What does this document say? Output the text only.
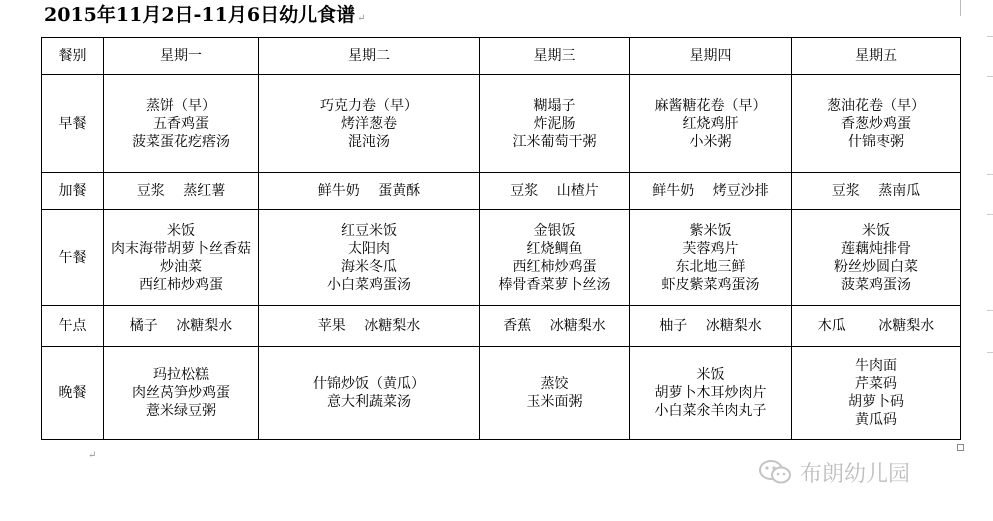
2015年11月2日-11月6日幼儿食谱 ↵
餐别	星期一	星期二	星期三	星期四	星期五
早餐	蒸饼（早）
五香鸡蛋
菠菜蛋花疙瘩汤	巧克力卷（早）
烤洋葱卷
混沌汤	糊塌子
炸泥肠
江米葡萄干粥	麻酱糖花卷（早）
红烧鸡肝
小米粥	葱油花卷（早）
香葱炒鸡蛋
什锦枣粥

加餐	豆浆　 蒸红薯	鲜牛奶　 蛋黄酥	豆浆　 山楂片	鲜牛奶　 烤豆沙排	豆浆　 蒸南瓜

午餐	米饭
肉末海带胡萝卜丝香菇
炒油菜
西红柿炒鸡蛋	红豆米饭
太阳肉
海米冬瓜
小白菜鸡蛋汤	金银饭
红烧鲷鱼
西红柿炒鸡蛋
棒骨香菜萝卜丝汤	紫米饭
芙蓉鸡片
东北地三鲜
虾皮紫菜鸡蛋汤	米饭
莲藕炖排骨
粉丝炒圆白菜
菠菜鸡蛋汤

午点	橘子　 冰糖梨水	苹果　 冰糖梨水	香蕉　 冰糖梨水	柚子　 冰糖梨水	木瓜　　 冰糖梨水

晚餐	玛拉松糕
肉丝莴笋炒鸡蛋
薏米绿豆粥	什锦炒饭（黄瓜）
意大利蔬菜汤	蒸饺
玉米面粥	米饭
胡萝卜木耳炒肉片
小白菜氽羊肉丸子	牛肉面
芹菜码
胡萝卜码
黄瓜码
↵
布朗幼儿园
